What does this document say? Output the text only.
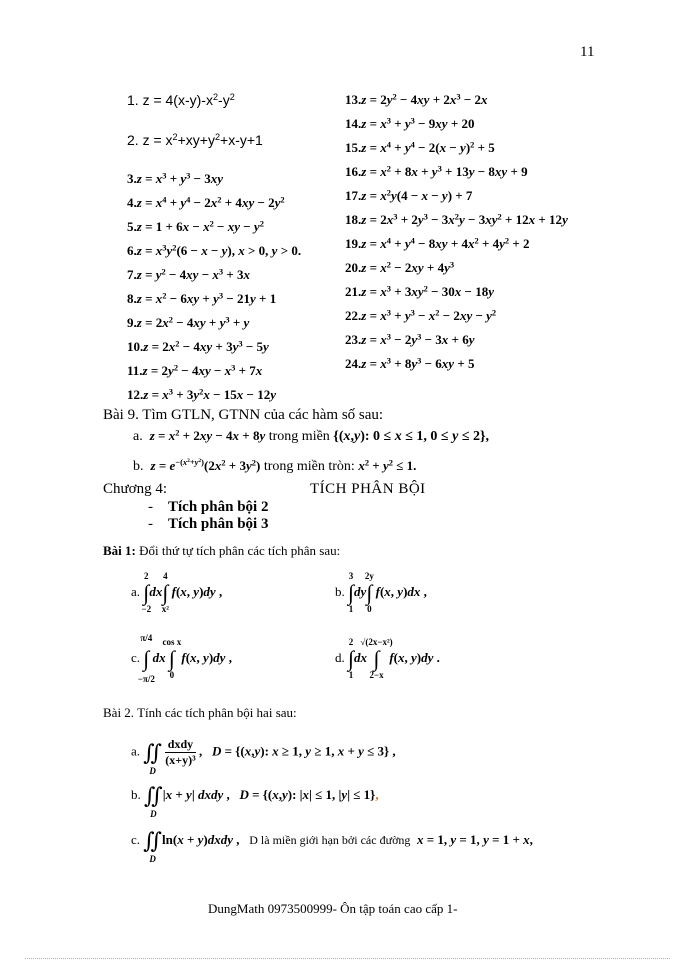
11
1. $z = 4(x-y)-x^2-y^2$
2. $z = x^2+xy+y^2+x-y+1$
$3.z = x^3 + y^3 - 3xy$
$4.z = x^4 + y^4 - 2x^2 + 4xy - 2y^2$
$5.z = 1 + 6x - x^2$ − xy − $y^2$
$6.z = x^3y^2(6 - x - y)$, x > 0, y > 0.
$7.z = y^2 - 4xy - x^3 + 3x$
$8.z = x^2 - 6xy + y^3 - 21y + 1$
$9.z = 2x^2 - 4xy + y^3 + y$
$10.z = 2x^2 - 4xy + 3y^3 - 5y$
$11.z = 2y^2 - 4xy - x^3 + 7x$
$12.z = x^3 + 3y^2x - 15x - 12y$
$13.z = 2y^2 - 4xy + 2x^3 - 2x$
$14.z = x^3 + y^3 - 9xy + 20$
$15.z = x^4 + y^4 - 2(x - y)^2 + 5$
$16.z = x^2 + 8x + y^3 + 13y - 8xy + 9$
$17.z = x^2y(4 - x - y) + 7$
$18.z = 2x^3 + 2y^3 - 3x^2y - 3xy^2 + 12x + 12y$
$19.z = x^4 + y^4 - 8xy + 4x^2 + 4y^2 + 2$
$20.z = x^2 - 2xy + 4y^3$
$21.z = x^3 + 3xy^2 - 30x - 18y$
$22.z = x^3 + y^3 - x^2 - 2xy - y^2$
$23.z = x^3 - 2y^3 - 3x + 6y$
$24.z = x^3 + 8y^3 - 6xy + 5$
Bài 9. Tìm GTLN, GTNN của các hàm số sau:
a. $z = x^2 + 2xy - 4x + 8y$ trong miền {(x,y): 0 ≤ x ≤ 1, 0 ≤ y ≤ 2},
b. $z = e^{-(x^2+y^2)}(2x^2 + 3y^2)$ trong miền tròn: $x^2 + y^2 \le 1$.
Chương 4:	TÍCH PHÂN BỘI
- Tích phân bội 2
- Tích phân bội 3
Bài 1: Đổi thứ tự tích phân các tích phân sau:
a. ∫
2
−2
dx∫
4
x²
f(x, y)dy ,	b. ∫
3
1
dy∫
2y
0
f(x, y)dx ,
c. ∫
π/4
−π/2
dx ∫
cos x
0
f(x, y)dy ,	d. ∫
2
1
dx ∫
√(2x−x²)
2−x
f(x, y)dy .
Bài 2. Tính các tích phân bội hai sau:
a. ∬
D

$\frac{\text{dxdy}}{\text{(x+y)³}}$ , D = {(x,y): x ≥ 1, y ≥ 1, x + y ≤ 3} ,
b. ∬
D
|x + y| dxdy ,   D = {(x,y): |x| ≤ 1, |y| ≤ 1},
c. ∬
D
ln(x + y)dxdy ,   D là miền giới hạn bởi các đường x = 1, y = 1, y = 1 + x,
DungMath 0973500999- Ôn tập toán cao cấp 1-
